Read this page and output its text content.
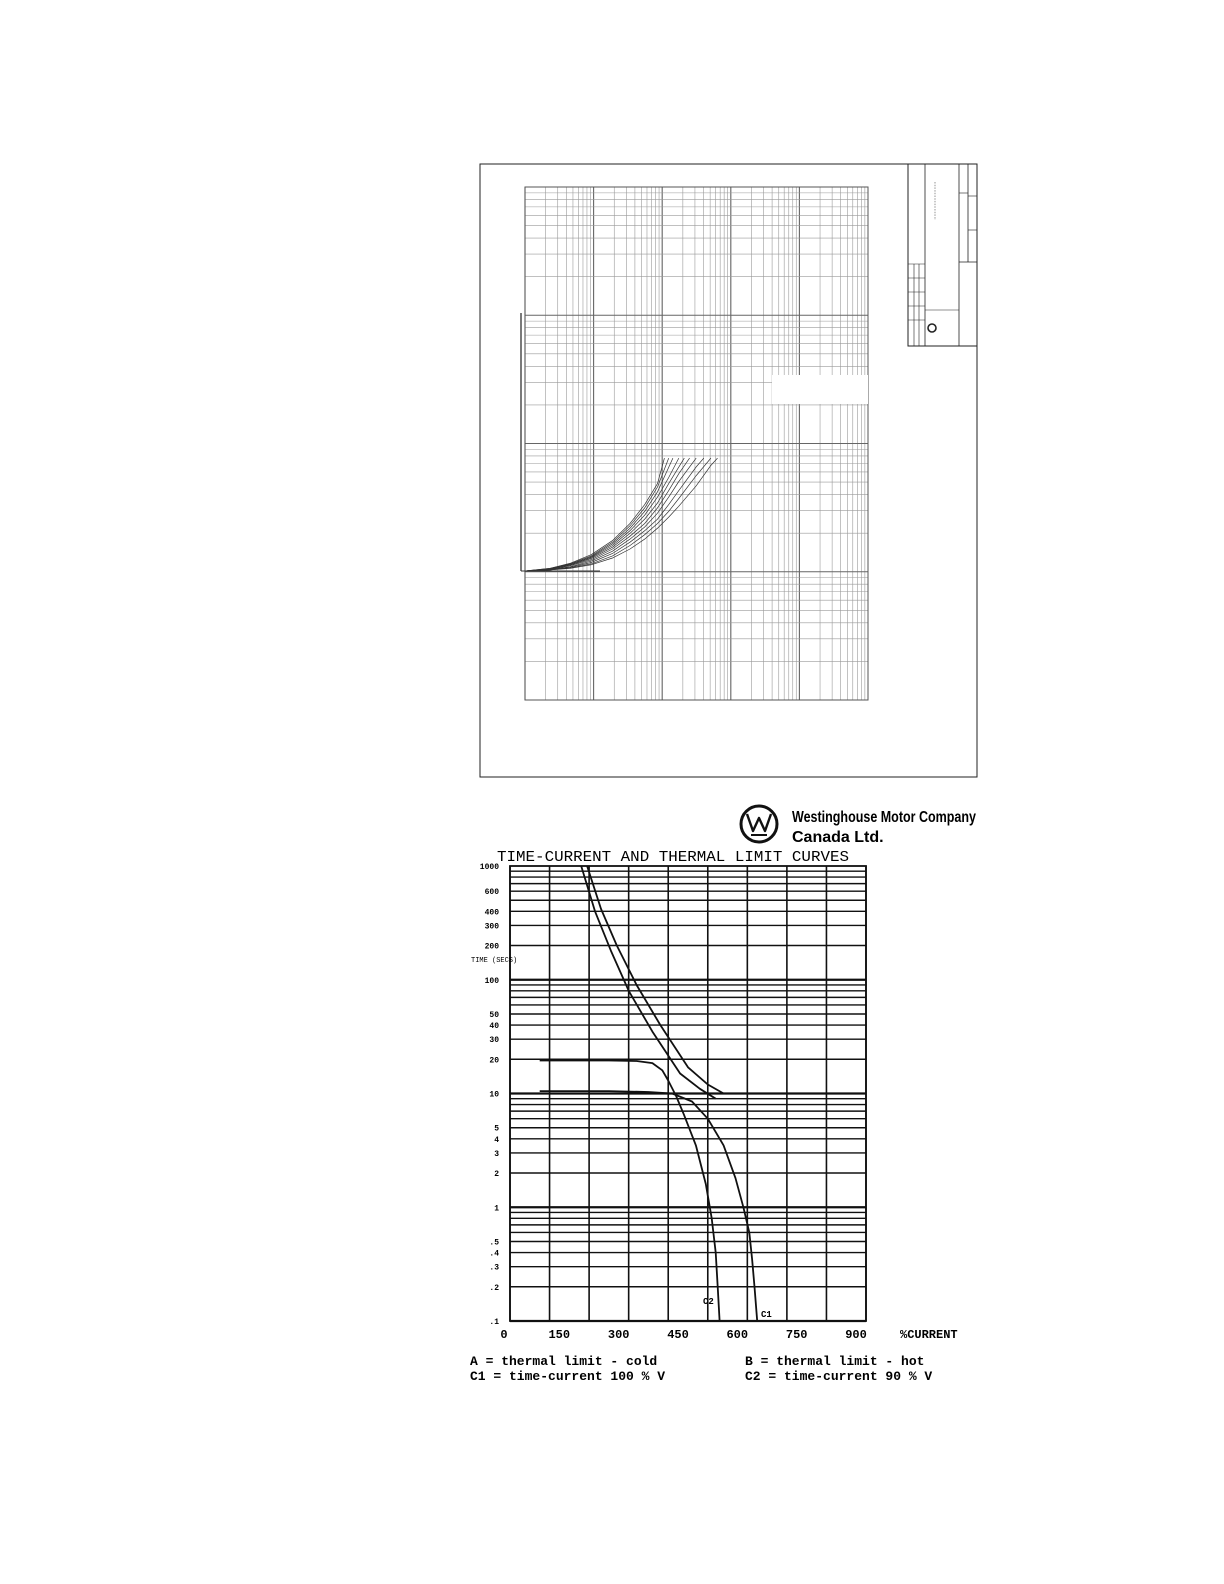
Westinghouse Motor Company
Canada Ltd.
TIME-CURRENT AND THERMAL LIMIT CURVES
1000
600
400
300
200
100
50
40
30
20
10
5
4
3
2
1
.5
.4
.3
.2
.1
0	150	300	450	600	750	900
TIME (SECS)
%CURRENT
C2
C1
A = thermal limit - cold	B = thermal limit - hot
C1 = time-current 100 % V	C2 = time-current 90 % V
